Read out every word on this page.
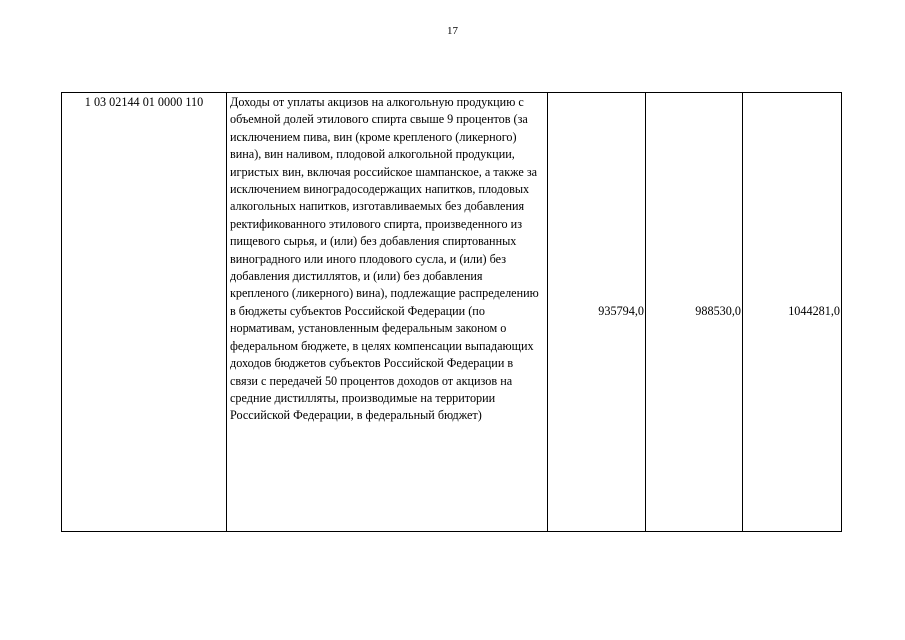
17
1 03 02144 01 0000 110	Доходы от уплаты акцизов на алкогольную продукцию с объемной долей этилового спирта свыше 9 процентов (за исключением пива, вин (кроме крепленого (ликерного) вина), вин наливом, плодовой алкогольной продукции, игристых вин, включая российское шампанское, а также за исключением виноградосодержащих напитков, плодовых алкогольных напитков, изготавливаемых без добавления ректификованного этилового спирта, произведенного из пищевого сырья, и (или) без добавления спиртованных виноградного или иного плодового сусла, и (или) без добавления дистиллятов, и (или) без добавления крепленого (ликерного) вина), подлежащие распределению в бюджеты субъектов Российской Федерации (по нормативам, установленным федеральным законом о федеральном бюджете, в целях компенсации выпадающих доходов бюджетов субъектов Российской Федерации в связи с передачей 50 процентов доходов от акцизов на средние дистилляты, производимые на территории Российской Федерации, в федеральный бюджет)	935794,0	988530,0	1044281,0
